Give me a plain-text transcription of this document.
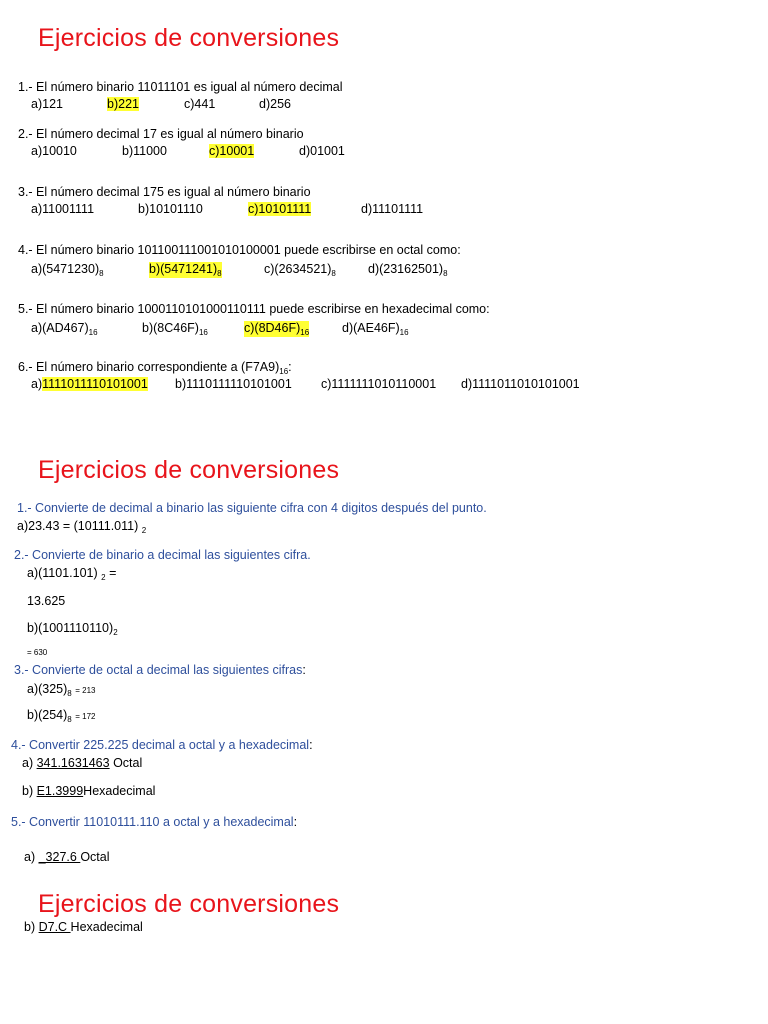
Ejercicios de conversiones
1.- El número binario 11011101 es igual al número decimal
a)121	b)221	c)441	d)256
2.- El número decimal 17 es igual al número binario
a)10010	b)11000	c)10001	d)01001
3.- El número decimal 175 es igual al número binario
a)11001111	b)10101110	c)10101111	d)11101111
4.- El número binario 101100111001010100001 puede escribirse en octal como:
$a)(5471230)_8$	$b)(5471241)_8$	$c)(2634521)_8$	$d)(23162501)_8$
5.- El número binario 1000110101000110111 puede escribirse en hexadecimal como:
$a)(AD467)_{16}$	$b)(8C46F)_{16}$	$c)(8D46F)_{16}$	$d)(AE46F)_{16}$
6.- El número binario correspondiente a $(F7A9)_{16}$:
a)1111011110101001 b)1110111110101001 c)1111111010110001 d)1111011010101001
Ejercicios de conversiones
1.- Convierte de decimal a binario las siguiente cifra con 4 digitos después del punto.
a)23.43 = (10111.011) $_2$
2.- Convierte de binario a decimal las siguientes cifra.
a)(1101.101) $_2$ =
13.625
$b)(1001110110)_2$
= 630
3.- Convierte de octal a decimal las siguientes cifras:
$a)(325)_8 = 213$
$b)(254)_8 = 172$
4.- Convertir 225.225 decimal a octal y a hexadecimal:
a) 341.1631463 Octal
b) E1.3999Hexadecimal
5.- Convertir 11010111.110 a octal y a hexadecimal:
a) _327.6 Octal
Ejercicios de conversiones
b) D7.C Hexadecimal
